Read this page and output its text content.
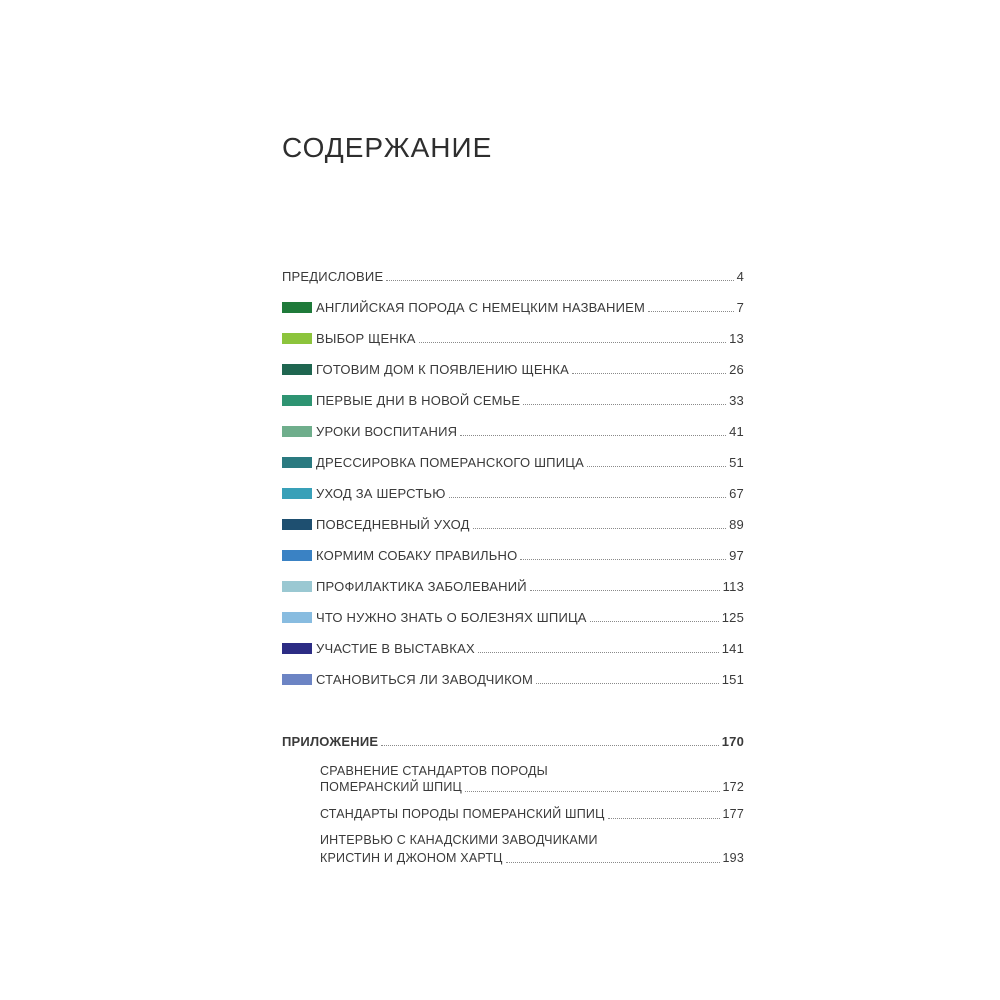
СОДЕРЖАНИЕ
ПРЕДИСЛОВИЕ	4
АНГЛИЙСКАЯ ПОРОДА С НЕМЕЦКИМ НАЗВАНИЕМ	7
ВЫБОР ЩЕНКА	13
ГОТОВИМ ДОМ К ПОЯВЛЕНИЮ ЩЕНКА	26
ПЕРВЫЕ ДНИ В НОВОЙ СЕМЬЕ	33
УРОКИ ВОСПИТАНИЯ	41
ДРЕССИРОВКА ПОМЕРАНСКОГО ШПИЦА	51
УХОД ЗА ШЕРСТЬЮ	67
ПОВСЕДНЕВНЫЙ УХОД	89
КОРМИМ СОБАКУ ПРАВИЛЬНО	97
ПРОФИЛАКТИКА ЗАБОЛЕВАНИЙ	113
ЧТО НУЖНО ЗНАТЬ О БОЛЕЗНЯХ ШПИЦА	125
УЧАСТИЕ В ВЫСТАВКАХ	141
СТАНОВИТЬСЯ ЛИ ЗАВОДЧИКОМ	151
ПРИЛОЖЕНИЕ	170
СРАВНЕНИЕ СТАНДАРТОВ ПОРОДЫ
ПОМЕРАНСКИЙ ШПИЦ	172
СТАНДАРТЫ ПОРОДЫ ПОМЕРАНСКИЙ ШПИЦ	177
ИНТЕРВЬЮ С КАНАДСКИМИ ЗАВОДЧИКАМИ
КРИСТИН И ДЖОНОМ ХАРТЦ	193
